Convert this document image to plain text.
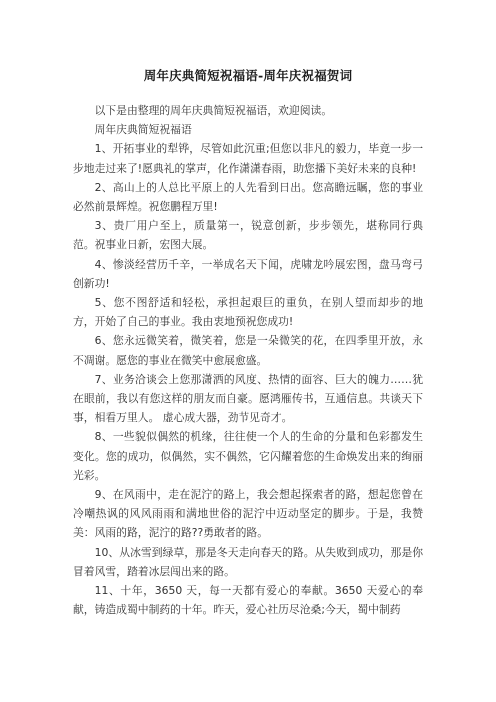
周年庆典简短祝福语-周年庆祝福贺词

以下是由整理的周年庆典简短祝福语，欢迎阅读。

周年庆典简短祝福语

1、开拓事业的犁铧，尽管如此沉重;但您以非凡的毅力，毕竟一步一步地走过来了!愿典礼的掌声，化作潇潇春雨，助您播下美好未来的良种!

2、高山上的人总比平原上的人先看到日出。您高瞻远瞩，您的事业必然前景辉煌。祝您鹏程万里!

3、贵厂用户至上，质量第一，锐意创新，步步领先，堪称同行典范。祝事业日新，宏图大展。

4、惨淡经营历千辛，一举成名天下闻，虎啸龙吟展宏图，盘马弯弓创新功!

5、您不图舒适和轻松，承担起艰巨的重负，在别人望而却步的地方，开始了自己的事业。我由衷地预祝您成功!

6、您永远微笑着，微笑着，您是一朵微笑的花，在四季里开放，永不凋谢。愿您的事业在微笑中愈展愈盛。

7、业务洽谈会上您那潇洒的风度、热情的面容、巨大的魄力……犹在眼前，我以有您这样的朋友而自豪。愿鸿雁传书，互通信息。共谈天下事，相看万里人。 虚心成大器，劲节见奇才。

8、一些貌似偶然的机缘，往往使一个人的生命的分量和色彩都发生变化。您的成功，似偶然，实不偶然，它闪耀着您的生命焕发出来的绚丽光彩。

9、在风雨中，走在泥泞的路上，我会想起探索者的路，想起您曾在冷嘲热讽的风风雨雨和满地世俗的泥泞中迈动坚定的脚步。于是，我赞美：风雨的路，泥泞的路??勇敢者的路。

10、从冰雪到绿草，那是冬天走向春天的路。从失败到成功，那是你冒着风雪，踏着冰层闯出来的路。

11、十年，3650 天，每一天都有爱心的奉献。3650 天爱心的奉献，铸造成蜀中制药的十年。昨天，爱心社历尽沧桑;今天，蜀中制药
